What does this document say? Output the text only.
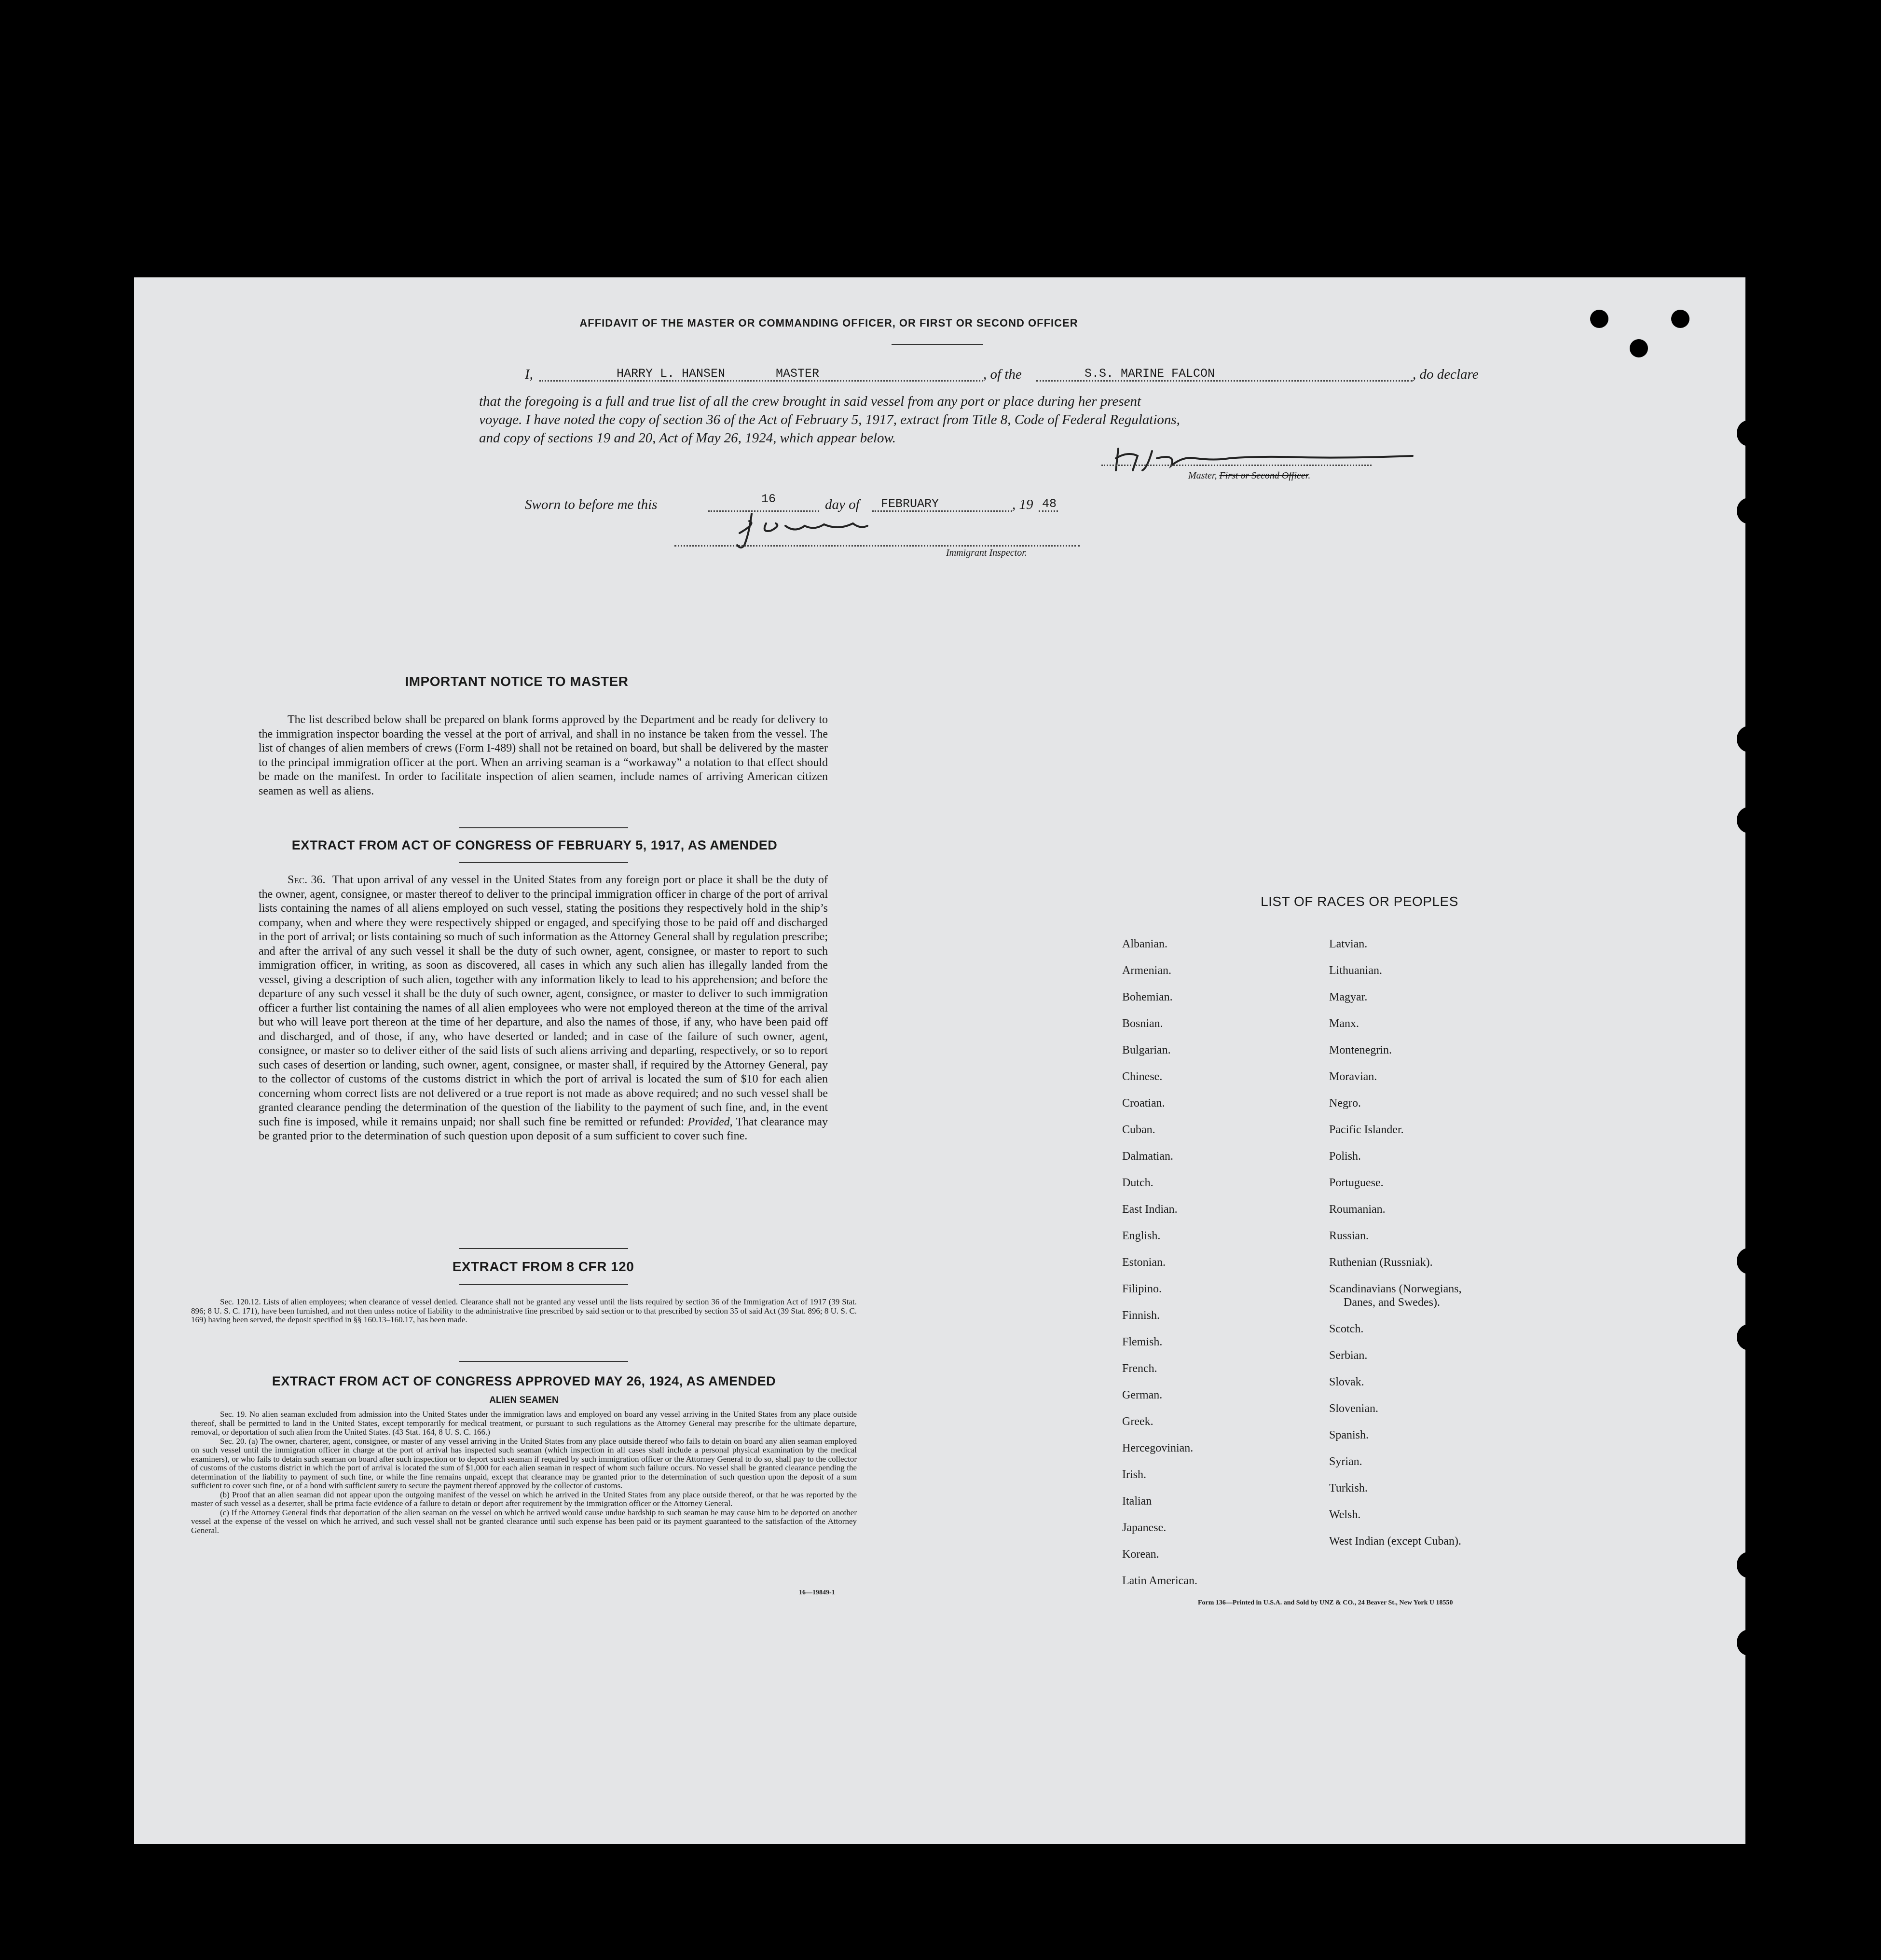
AFFIDAVIT OF THE MASTER OR COMMANDING OFFICER, OR FIRST OR SECOND OFFICER
I,	HARRY L. HANSEN	MASTER	, of the	S.S. MARINE FALCON	, do declare
that the foregoing is a full and true list of all the crew brought in said vessel from any port or place during her present
voyage. I have noted the copy of section 36 of the Act of February 5, 1917, extract from Title 8, Code of Federal Regulations,
and copy of sections 19 and 20, Act of May 26, 1924, which appear below.
Master, First or Second Officer.
Sworn to before me this	16	day of FEBRUARY	, 19 48
Immigrant Inspector.
IMPORTANT NOTICE TO MASTER
The list described below shall be prepared on blank forms approved by the Department and be ready for delivery to the immigration inspector boarding the vessel at the port of arrival, and shall in no instance be taken from the vessel. The list of changes of alien members of crews (Form I-489) shall not be retained on board, but shall be delivered by the master to the principal immigration officer at the port. When an arriving seaman is a “workaway” a notation to that effect should be made on the manifest. In order to facilitate inspection of alien seamen, include names of arriving American citizen seamen as well as aliens.
EXTRACT FROM ACT OF CONGRESS OF FEBRUARY 5, 1917, AS AMENDED
Sec. 36. That upon arrival of any vessel in the United States from any foreign port or place it shall be the duty of the owner, agent, consignee, or master thereof to deliver to the principal immigration officer in charge of the port of arrival lists containing the names of all aliens employed on such vessel, stating the positions they respectively hold in the ship’s company, when and where they were respectively shipped or engaged, and specifying those to be paid off and discharged in the port of arrival; or lists containing so much of such information as the Attorney General shall by regulation prescribe; and after the arrival of any such vessel it shall be the duty of such owner, agent, consignee, or master to report to such immigration officer, in writing, as soon as discovered, all cases in which any such alien has illegally landed from the vessel, giving a description of such alien, together with any information likely to lead to his apprehension; and before the departure of any such vessel it shall be the duty of such owner, agent, consignee, or master to deliver to such immigration officer a further list containing the names of all alien employees who were not employed thereon at the time of the arrival but who will leave port thereon at the time of her departure, and also the names of those, if any, who have been paid off and discharged, and of those, if any, who have deserted or landed; and in case of the failure of such owner, agent, consignee, or master so to deliver either of the said lists of such aliens arriving and departing, respectively, or so to report such cases of desertion or landing, such owner, agent, consignee, or master shall, if required by the Attorney General, pay to the collector of customs of the customs district in which the port of arrival is located the sum of $10 for each alien concerning whom correct lists are not delivered or a true report is not made as above required; and no such vessel shall be granted clearance pending the determination of the question of the liability to the payment of such fine, and, in the event such fine is imposed, while it remains unpaid; nor shall such fine be remitted or refunded: Provided, That clearance may be granted prior to the determination of such question upon deposit of a sum sufficient to cover such fine.
EXTRACT FROM 8 CFR 120
Sec. 120.12. Lists of alien employees; when clearance of vessel denied. Clearance shall not be granted any vessel until the lists required by section 36 of the Immigration Act of 1917 (39 Stat. 896; 8 U. S. C. 171), have been furnished, and not then unless notice of liability to the administrative fine prescribed by said section or to that prescribed by section 35 of said Act (39 Stat. 896; 8 U. S. C. 169) having been served, the deposit specified in §§ 160.13–160.17, has been made.
EXTRACT FROM ACT OF CONGRESS APPROVED MAY 26, 1924, AS AMENDED
ALIEN SEAMEN
Sec. 19. No alien seaman excluded from admission into the United States under the immigration laws and employed on board any vessel arriving in the United States from any place outside thereof, shall be permitted to land in the United States, except temporarily for medical treatment, or pursuant to such regulations as the Attorney General may prescribe for the ultimate departure, removal, or deportation of such alien from the United States. (43 Stat. 164, 8 U. S. C. 166.)
Sec. 20. (a) The owner, charterer, agent, consignee, or master of any vessel arriving in the United States from any place outside thereof who fails to detain on board any alien seaman employed on such vessel until the immigration officer in charge at the port of arrival has inspected such seaman (which inspection in all cases shall include a personal physical examination by the medical examiners), or who fails to detain such seaman on board after such inspection or to deport such seaman if required by such immigration officer or the Attorney General to do so, shall pay to the collector of customs of the customs district in which the port of arrival is located the sum of $1,000 for each alien seaman in respect of whom such failure occurs. No vessel shall be granted clearance pending the determination of the liability to payment of such fine, or while the fine remains unpaid, except that clearance may be granted prior to the determination of such question upon the deposit of a sum sufficient to cover such fine, or of a bond with sufficient surety to secure the payment thereof approved by the collector of customs.
(b) Proof that an alien seaman did not appear upon the outgoing manifest of the vessel on which he arrived in the United States from any place outside thereof, or that he was reported by the master of such vessel as a deserter, shall be prima facie evidence of a failure to detain or deport after requirement by the immigration officer or the Attorney General.
(c) If the Attorney General finds that deportation of the alien seaman on the vessel on which he arrived would cause undue hardship to such seaman he may cause him to be deported on another vessel at the expense of the vessel on which he arrived, and such vessel shall not be granted clearance until such expense has been paid or its payment guaranteed to the satisfaction of the Attorney General.
16—19849-1
LIST OF RACES OR PEOPLES
Albanian.
Armenian.
Bohemian.
Bosnian.
Bulgarian.
Chinese.
Croatian.
Cuban.
Dalmatian.
Dutch.
East Indian.
English.
Estonian.
Filipino.
Finnish.
Flemish.
French.
German.
Greek.
Hercegovinian.
Irish.
Italian
Japanese.
Korean.
Latin American.
Latvian.
Lithuanian.
Magyar.
Manx.
Montenegrin.
Moravian.
Negro.
Pacific Islander.
Polish.
Portuguese.
Roumanian.
Russian.
Ruthenian (Russniak).
Scandinavians (Norwegians,
Danes, and Swedes).
Scotch.
Serbian.
Slovak.
Slovenian.
Spanish.
Syrian.
Turkish.
Welsh.
West Indian (except Cuban).
Form 136—Printed in U.S.A. and Sold by UNZ & CO., 24 Beaver St., New York U 18550
